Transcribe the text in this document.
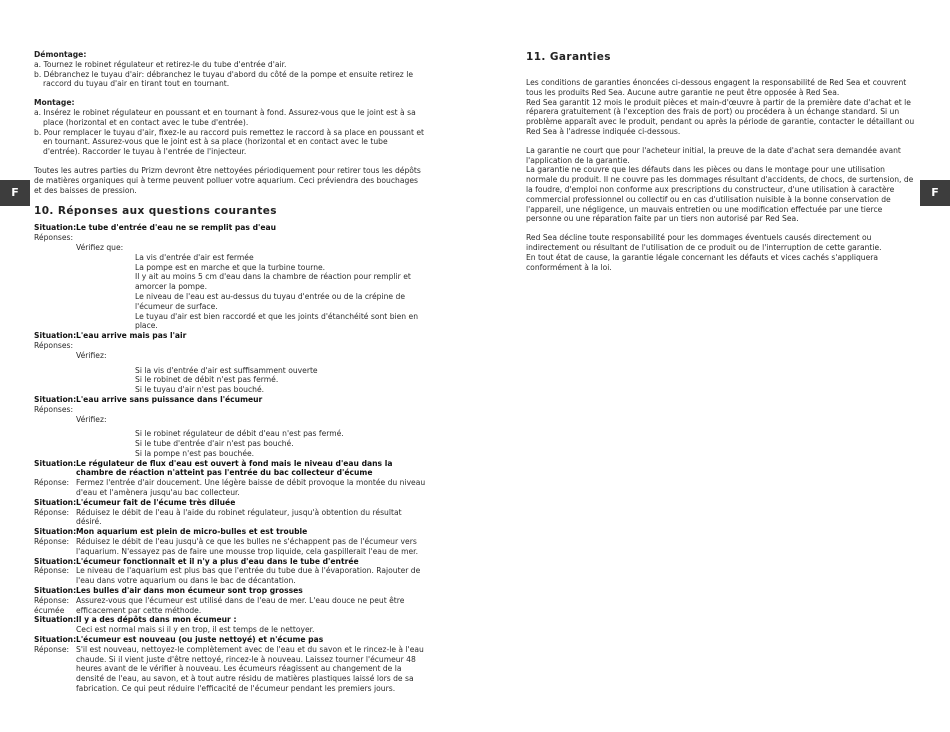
F	F

Démontage:

a. Tournez le robinet régulateur et retirez-le du tube d'entrée d'air.

b. Débranchez le tuyau d'air: débranchez le tuyau d'abord du côté de la pompe et ensuite retirez le raccord du tuyau d'air en tirant tout en tournant.

Montage:

a. Insérez le robinet régulateur en poussant et en tournant à fond. Assurez-vous que le joint est à sa place (horizontal et en contact avec le tube d'entrée).

b. Pour remplacer le tuyau d'air, fixez-le au raccord puis remettez le raccord à sa place en poussant et en tournant. Assurez-vous que le joint est à sa place (horizontal et en contact avec le tube d'entrée). Raccorder le tuyau à l'entrée de l'injecteur.

Toutes les autres parties du Prizm devront être nettoyées périodiquement pour retirer tous les dépôts de matières organiques qui à terme peuvent polluer votre aquarium. Ceci préviendra des bouchages et des baisses de pression.

10. Réponses aux questions courantes

Situation: Le tube d'entrée d'eau ne se remplit pas d'eau

Réponses:

Vérifiez que:

La vis d'entrée d'air est fermée

La pompe est en marche et que la turbine tourne.

Il y ait au moins 5 cm d'eau dans la chambre de réaction pour remplir et amorcer la pompe.

Le niveau de l'eau est au-dessus du tuyau d'entrée ou de la crépine de l'écumeur de surface.

Le tuyau d'air est bien raccordé et que les joints d'étanchéité sont bien en place.

Situation: L'eau arrive mais pas l'air

Réponses:

Vérifiez:

Si la vis d'entrée d'air est suffisamment ouverte

Si le robinet de débit n'est pas fermé.

Si le tuyau d'air n'est pas bouché.

Situation: L'eau arrive sans puissance dans l'écumeur

Réponses:

Vérifiez:

Si le robinet régulateur de débit d'eau n'est pas fermé.

Si le tube d'entrée d'air n'est pas bouché.

Si la pompe n'est pas bouchée.

Situation: Le régulateur de flux d'eau est ouvert à fond mais le niveau d'eau dans la chambre de réaction n'atteint pas l'entrée du bac collecteur d'écume
Réponse: Fermez l'entrée d'air doucement. Une légère baisse de débit provoque la montée du niveau d'eau et l'amènera jusqu'au bac collecteur.
Situation: L'écumeur fait de l'écume très diluée
Réponse: Réduisez le débit de l'eau à l'aide du robinet régulateur, jusqu'à obtention du résultat désiré.
Situation: Mon aquarium est plein de micro-bulles et est trouble
Réponse: Réduisez le débit de l'eau jusqu'à ce que les bulles ne s'échappent pas de l'écumeur vers l'aquarium. N'essayez pas de faire une mousse trop liquide, cela gaspillerait l'eau de mer.
Situation: L'écumeur fonctionnait et il n'y a plus d'eau dans le tube d'entrée
Réponse: Le niveau de l'aquarium est plus bas que l'entrée du tube due à l'évaporation. Rajouter de l'eau dans votre aquarium ou dans le bac de décantation.
Situation: Les bulles d'air dans mon écumeur sont trop grosses
Réponse:
écumée
Assurez-vous que l'écumeur est utilisé dans de l'eau de mer. L'eau douce ne peut être efficacement par cette méthode.
Situation: Il y a des dépôts dans mon écumeur :

Ceci est normal mais si il y en trop, il est temps de le nettoyer.

Situation: L'écumeur est nouveau (ou juste nettoyé) et n'écume pas
Réponse: S'il est nouveau, nettoyez-le complètement avec de l'eau et du savon et le rincez-le à l'eau chaude. Si il vient juste d'être nettoyé, rincez-le à nouveau. Laissez tourner l'écumeur 48 heures avant de le vérifier à nouveau. Les écumeurs réagissent au changement de la densité de l'eau, au savon, et à tout autre résidu de matières plastiques laissé lors de sa fabrication. Ce qui peut réduire l'efficacité de l'écumeur pendant les premiers jours.

11. Garanties

Les conditions de garanties énoncées ci-dessous engagent la responsabilité de Red Sea et couvrent tous les produits Red Sea. Aucune autre garantie ne peut être opposée à Red Sea.

Red Sea garantit 12 mois le produit pièces et main-d'œuvre à partir de la première date d'achat et le réparera gratuitement (à l'exception des frais de port) ou procédera à un échange standard. Si un problème apparaît avec le produit, pendant ou après la période de garantie, contacter le détaillant ou Red Sea à l'adresse indiquée ci-dessous.

La garantie ne court que pour l'acheteur initial, la preuve de la date d'achat sera demandée avant l'application de la garantie.

La garantie ne couvre que les défauts dans les pièces ou dans le montage pour une utilisation normale du produit. Il ne couvre pas les dommages résultant d'accidents, de chocs, de surtension, de la foudre, d'emploi non conforme aux prescriptions du constructeur, d'une utilisation à caractère commercial professionnel ou collectif ou en cas d'utilisation nuisible à la bonne conservation de l'appareil, une négligence, un mauvais entretien ou une modification effectuée par une tierce personne ou une réparation faite par un tiers non autorisé par Red Sea.

Red Sea décline toute responsabilité pour les dommages éventuels causés directement ou indirectement ou résultant de l'utilisation de ce produit ou de l'interruption de cette garantie.

En tout état de cause, la garantie légale concernant les défauts et vices cachés s'appliquera conformément à la loi.
